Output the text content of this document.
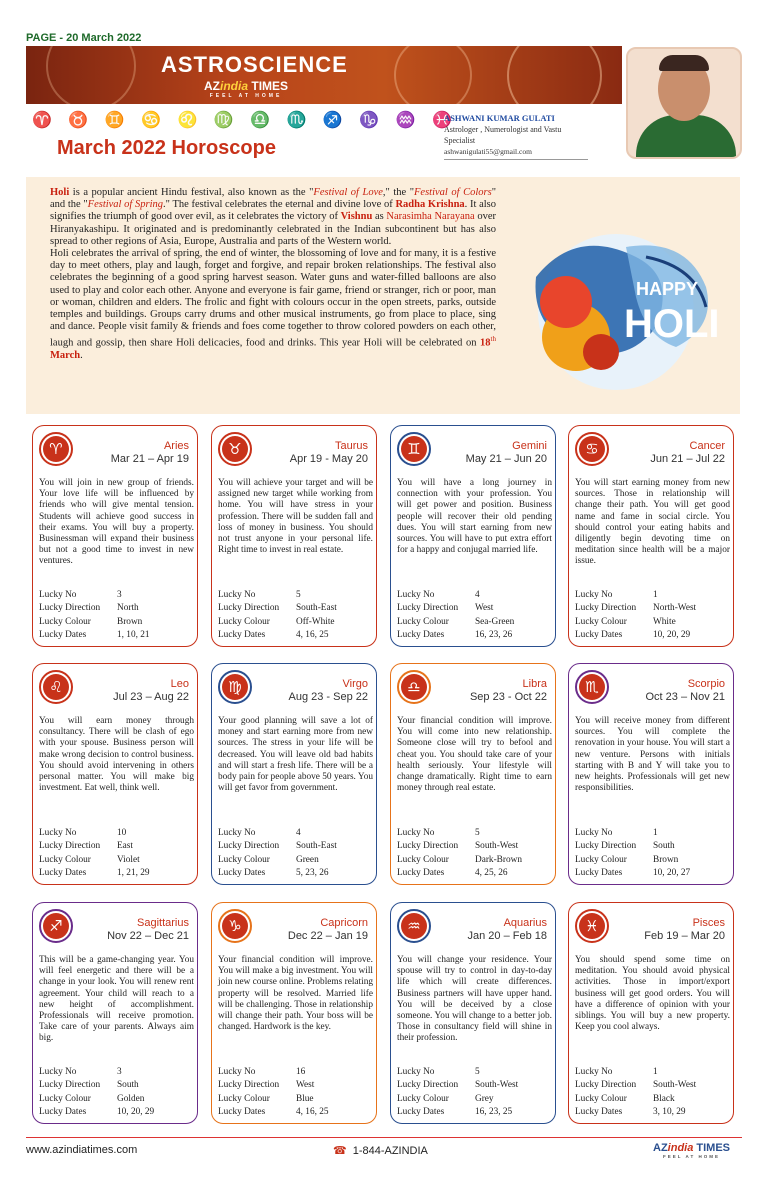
PAGE - 20 March 2022
ASTROSCIENCE
AZindia TIMES
FEEL AT HOME
♈ ♉ ♊ ♋ ♌ ♍ ♎ ♏ ♐ ♑ ♒ ♓
March 2022 Horoscope
ASHWANI KUMAR GULATI
Astrologer , Numerologist and Vastu Specialist
ashwanigulati55@gmail.com
Holi is a popular ancient Hindu festival, also known as the "Festival of Love," the "Festival of Colors" and the "Festival of Spring." The festival celebrates the eternal and divine love of Radha Krishna. It also signifies the triumph of good over evil, as it celebrates the victory of Vishnu as Narasimha Narayana over Hiranyakashipu. It originated and is predominantly celebrated in the Indian subcontinent but has also spread to other regions of Asia, Europe, Australia and parts of the Western world.
Holi celebrates the arrival of spring, the end of winter, the blossoming of love and for many, it is a festive day to meet others, play and laugh, forget and forgive, and repair broken relationships. The festival also celebrates the beginning of a good spring harvest season. Water guns and water-filled balloons are also used to play and color each other. Anyone and everyone is fair game, friend or stranger, rich or poor, man or woman, children and elders. The frolic and fight with colours occur in the open streets, parks, outside temples and buildings. Groups carry drums and other musical instruments, go from place to place, sing and dance. People visit family & friends and foes come together to throw colored powders on each other, laugh and gossip, then share Holi delicacies, food and drinks. This year Holi will be celebrated on 18th March.
HAPPY
HOLI
♈	Aries
Mar 21 – Apr 19
You will join in new group of friends. Your love life will be influenced by friends who will give mental tension. Students will achieve good success in their exams. You will buy a property. Businessman will expand their business but not a good time to invest in new ventures.
Lucky No	3
Lucky Direction	North
Lucky Colour	Brown
Lucky Dates	1, 10, 21
♉	Taurus
Apr 19 - May 20
You will achieve your target and will be assigned new target while working from home. You will have stress in your profession. There will be sudden fall and loss of money in business. You should not trust anyone in your personal life. Right time to invest in real estate.
Lucky No	5
Lucky Direction	South-East
Lucky Colour	Off-White
Lucky Dates	4, 16, 25
♊	Gemini
May 21 – Jun 20
You will have a long journey in connection with your profession. You will get power and position. Business people will recover their old pending dues. You will start earning from new sources. You will have to put extra effort for a happy and conjugal married life.
Lucky No	4
Lucky Direction	West
Lucky Colour	Sea-Green
Lucky Dates	16, 23, 26
♋	Cancer
Jun 21 – Jul 22
You will start earning money from new sources. Those in relationship will change their path. You will get good name and fame in social circle. You should control your eating habits and diligently begin devoting time on meditation since health will be a major issue.
Lucky No	1
Lucky Direction	North-West
Lucky Colour	White
Lucky Dates	10, 20, 29
♌	Leo
Jul 23 – Aug 22
You will earn money through consultancy. There will be clash of ego with your spouse. Business person will make wrong decision to control business. You should avoid intervening in others personal matter. You will make big investment. Eat well, think well.
Lucky No	10
Lucky Direction	East
Lucky Colour	Violet
Lucky Dates	1, 21, 29
♍	Virgo
Aug 23 - Sep 22
Your good planning will save a lot of money and start earning more from new sources. The stress in your life will be decreased. You will leave old bad habits and will start a fresh life. There will be a body pain for people above 50 years. You will get favor from government.
Lucky No	4
Lucky Direction	South-East
Lucky Colour	Green
Lucky Dates	5, 23, 26
♎	Libra
Sep 23 - Oct 22
Your financial condition will improve. You will come into new relationship. Someone close will try to befool and cheat you. You should take care of your health seriously. Your lifestyle will change dramatically. Right time to earn money through real estate.
Lucky No	5
Lucky Direction	South-West
Lucky Colour	Dark-Brown
Lucky Dates	4, 25, 26
♏	Scorpio
Oct 23 – Nov 21
You will receive money from different sources. You will complete the renovation in your house. You will start a new venture. Persons with initials starting with B and Y will take you to new heights. Professionals will get new responsibilities.
Lucky No	1
Lucky Direction	South
Lucky Colour	Brown
Lucky Dates	10, 20, 27
♐	Sagittarius
Nov 22 – Dec 21
This will be a game-changing year. You will feel energetic and there will be a change in your look. You will renew rent agreement. Your child will reach to a new height of accomplishment. Professionals will receive promotion. Take care of your parents. Always aim big.
Lucky No	3
Lucky Direction	South
Lucky Colour	Golden
Lucky Dates	10, 20, 29
♑	Capricorn
Dec 22 – Jan 19
Your financial condition will improve. You will make a big investment. You will join new course online. Problems relating property will be resolved. Married life will be challenging. Those in relationship will change their path. Your boss will be changed. Hardwork is the key.
Lucky No	16
Lucky Direction	West
Lucky Colour	Blue
Lucky Dates	4, 16, 25
♒	Aquarius
Jan 20 – Feb 18
You will change your residence. Your spouse will try to control in day-to-day life which will create differences. Business partners will have upper hand. You will be deceived by a close someone. You will change to a better job. Those in consultancy field will shine in their profession.
Lucky No	5
Lucky Direction	South-West
Lucky Colour	Grey
Lucky Dates	16, 23, 25
♓	Pisces
Feb 19 – Mar 20
You should spend some time on meditation. You should avoid physical activities. Those in import/export business will get good orders. You will have a difference of opinion with your siblings. You will buy a new property. Keep you cool always.
Lucky No	1
Lucky Direction	South-West
Lucky Colour	Black
Lucky Dates	3, 10, 29
www.azindiatimes.com	☎ 1-844-AZINDIA	AZindia TIMES
FEEL AT HOME
